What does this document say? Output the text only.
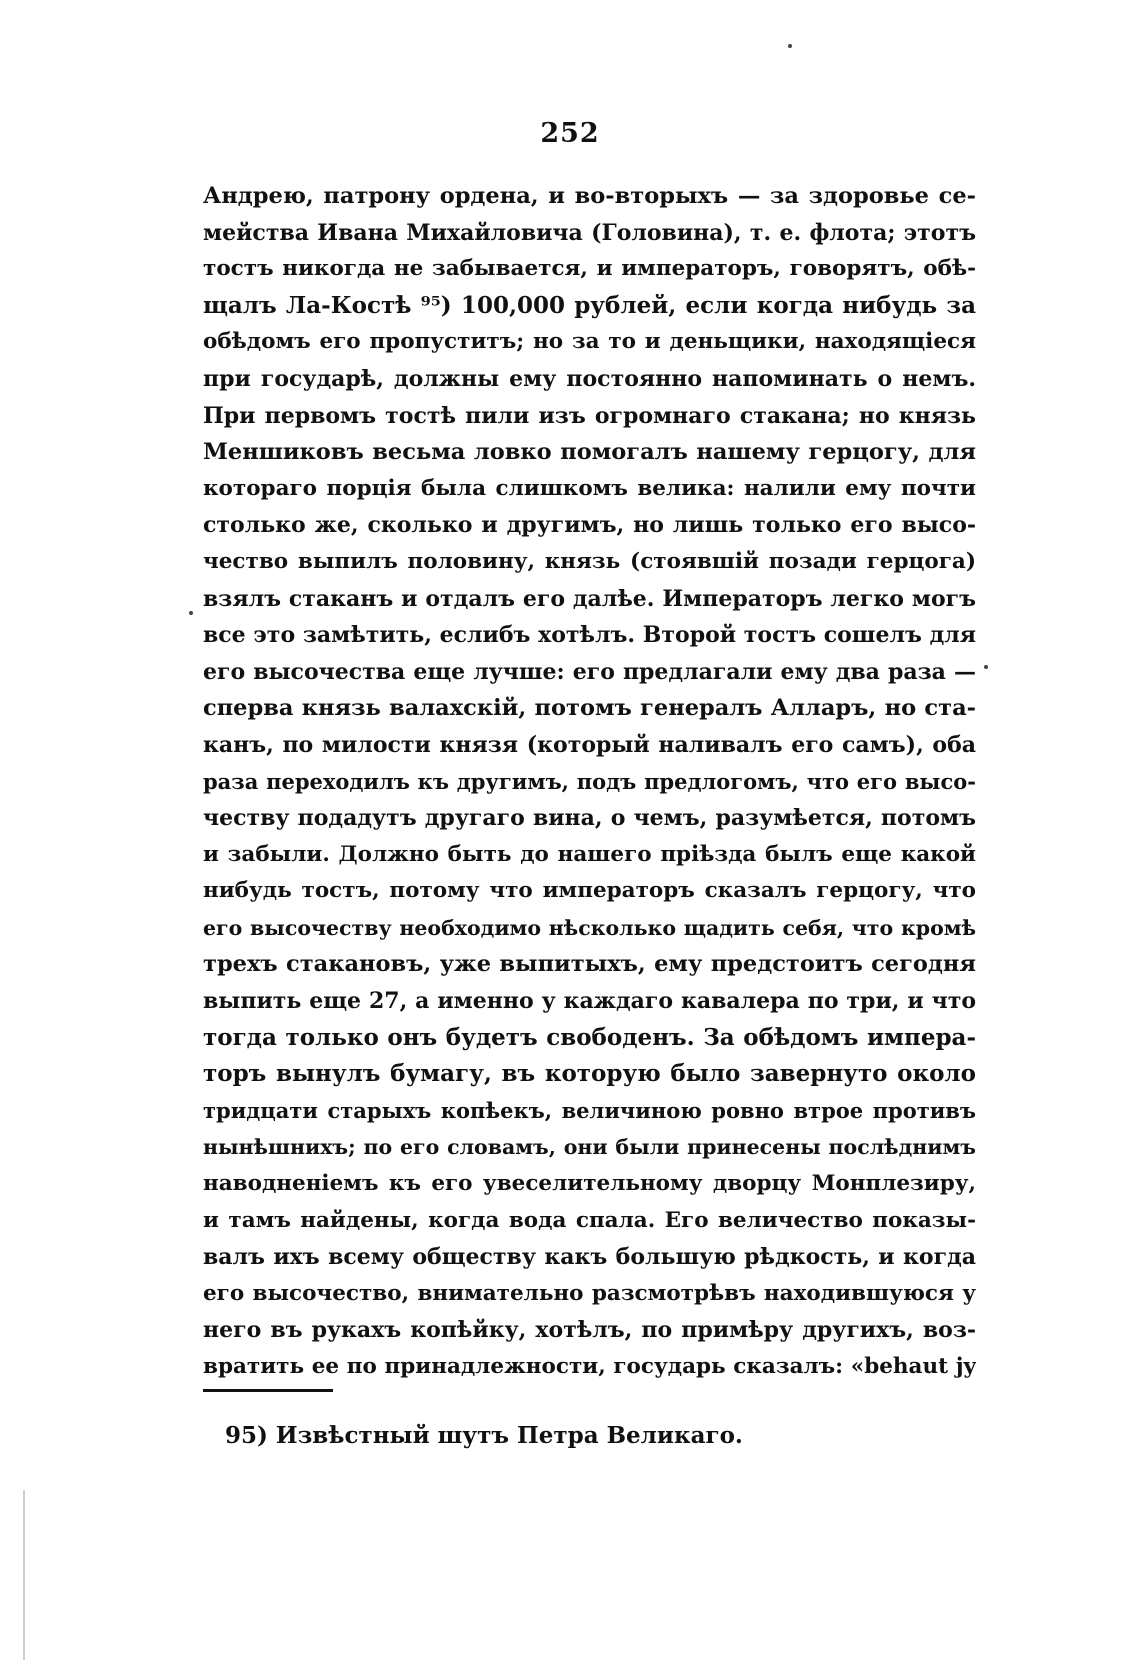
252
Андрею, патрону ордена, и во-вторыхъ — за здоровье се-
мейства Ивана Михайловича (Головина), т. е. флота; этотъ
тостъ никогда не забывается, и императоръ, говорятъ, обѣ-
щалъ Ла-Костѣ ⁹⁵) 100,000 рублей, если когда нибудь за
обѣдомъ его пропуститъ; но за то и деньщики, находящіеся
при государѣ, должны ему постоянно напоминать о немъ.
При первомъ тостѣ пили изъ огромнаго стакана; но князь
Меншиковъ весьма ловко помогалъ нашему герцогу, для
котораго порція была слишкомъ велика: налили ему почти
столько же, сколько и другимъ, но лишь только его высо-
чество выпилъ половину, князь (стоявшій позади герцога)
взялъ стаканъ и отдалъ его далѣе. Императоръ легко могъ
все это замѣтить, еслибъ хотѣлъ. Второй тостъ сошелъ для
его высочества еще лучше: его предлагали ему два раза —
сперва князь валахскій, потомъ генералъ Алларъ, но ста-
канъ, по милости князя (который наливалъ его самъ), оба
раза переходилъ къ другимъ, подъ предлогомъ, что его высо-
честву подадутъ другаго вина, о чемъ, разумѣется, потомъ
и забыли. Должно быть до нашего пріѣзда былъ еще какой
нибудь тостъ, потому что императоръ сказалъ герцогу, что
его высочеству необходимо нѣсколько щадить себя, что кромѣ
трехъ стакановъ, уже выпитыхъ, ему предстоитъ сегодня
выпить еще 27, а именно у каждаго кавалера по три, и что
тогда только онъ будетъ свободенъ. За обѣдомъ импера-
торъ вынулъ бумагу, въ которую было завернуто около
тридцати старыхъ копѣекъ, величиною ровно втрое противъ
нынѣшнихъ; по его словамъ, они были принесены послѣднимъ
наводненіемъ къ его увеселительному дворцу Монплезиру,
и тамъ найдены, когда вода спала. Его величество показы-
валъ ихъ всему обществу какъ большую рѣдкость, и когда
его высочество, внимательно разсмотрѣвъ находившуюся у
него въ рукахъ копѣйку, хотѣлъ, по примѣру другихъ, воз-
вратить ее по принадлежности, государь сказалъ: «behaut jy
95) Извѣстный шутъ Петра Великаго.
